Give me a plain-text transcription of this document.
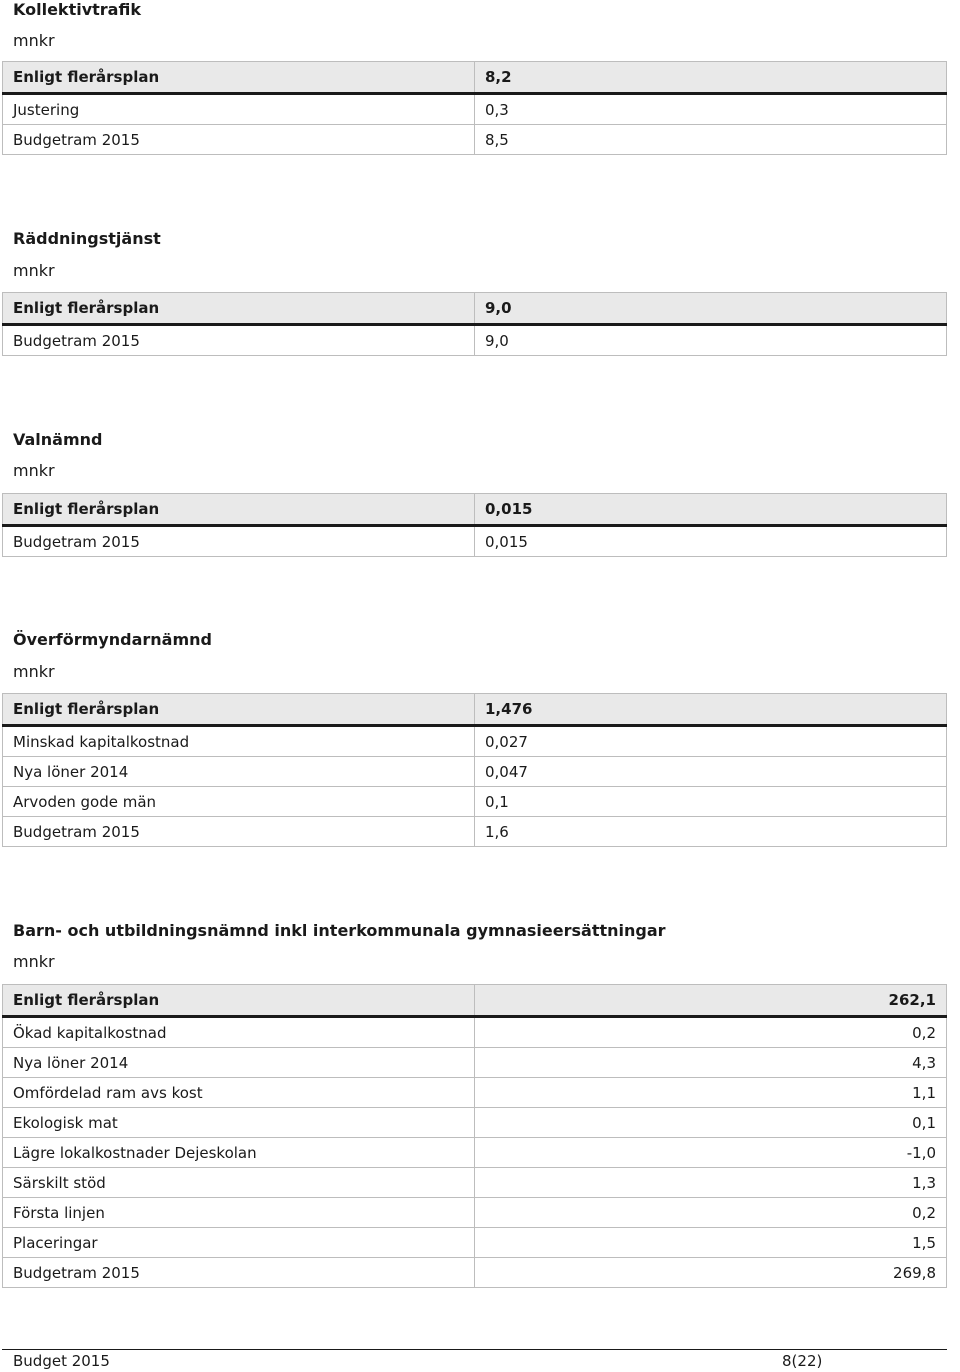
Kollektivtrafik
mnkr
Enligt flerårsplan	8,2
Justering	0,3
Budgetram 2015	8,5
Räddningstjänst
mnkr
Enligt flerårsplan	9,0
Budgetram 2015	9,0
Valnämnd
mnkr
Enligt flerårsplan	0,015
Budgetram 2015	0,015
Överförmyndarnämnd
mnkr
Enligt flerårsplan	1,476
Minskad kapitalkostnad	0,027
Nya löner 2014	0,047
Arvoden gode män	0,1
Budgetram 2015	1,6
Barn- och utbildningsnämnd inkl interkommunala gymnasieersättningar
mnkr
Enligt flerårsplan	262,1
Ökad kapitalkostnad	0,2
Nya löner 2014	4,3
Omfördelad ram avs kost	1,1
Ekologisk mat	0,1
Lägre lokalkostnader Dejeskolan	-1,0
Särskilt stöd	1,3
Första linjen	0,2
Placeringar	1,5
Budgetram 2015	269,8
Budget 2015	8(22)
